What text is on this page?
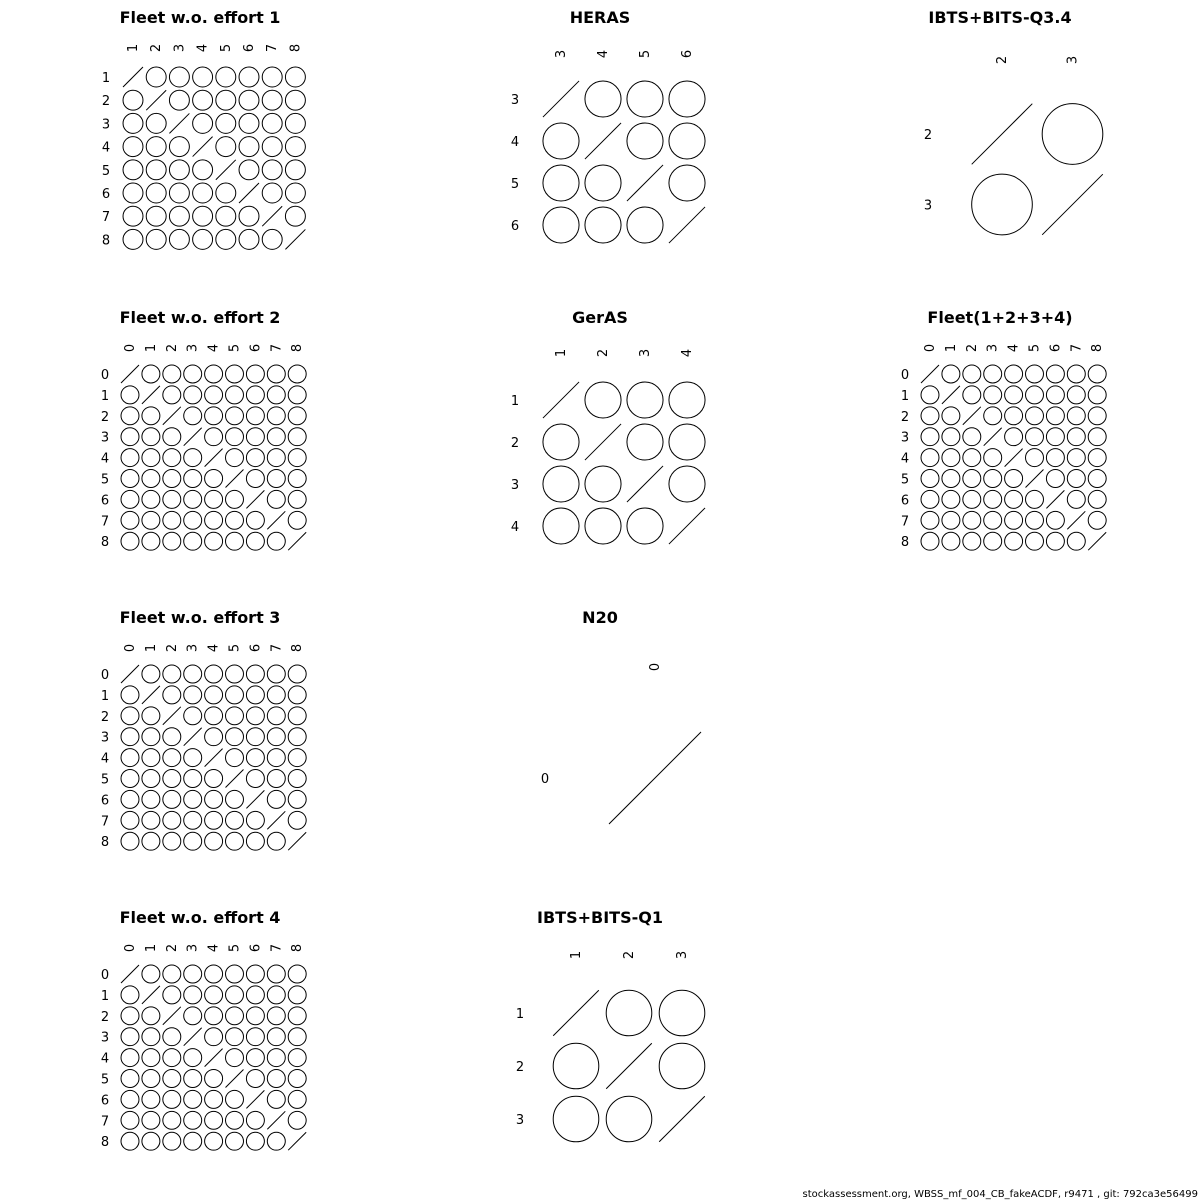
Fleet w.o. effort 1
1
1
2
2
3
3
4
4
5
5
6
6
7
7
8
8
HERAS
3
3
4
4
5
5
6
6
IBTS+BITS-Q3.4
2
2
3
3
Fleet w.o. effort 2
0
0
1
1
2
2
3
3
4
4
5
5
6
6
7
7
8
8
GerAS
1
1
2
2
3
3
4
4
Fleet(1+2+3+4)
0
0
1
1
2
2
3
3
4
4
5
5
6
6
7
7
8
8
Fleet w.o. effort 3
0
0
1
1
2
2
3
3
4
4
5
5
6
6
7
7
8
8
N20
0
0
Fleet w.o. effort 4
0
0
1
1
2
2
3
3
4
4
5
5
6
6
7
7
8
8
IBTS+BITS-Q1
1
1
2
2
3
3
stockassessment.org, WBSS_mf_004_CB_fakeACDF, r9471 , git: 792ca3e56499
